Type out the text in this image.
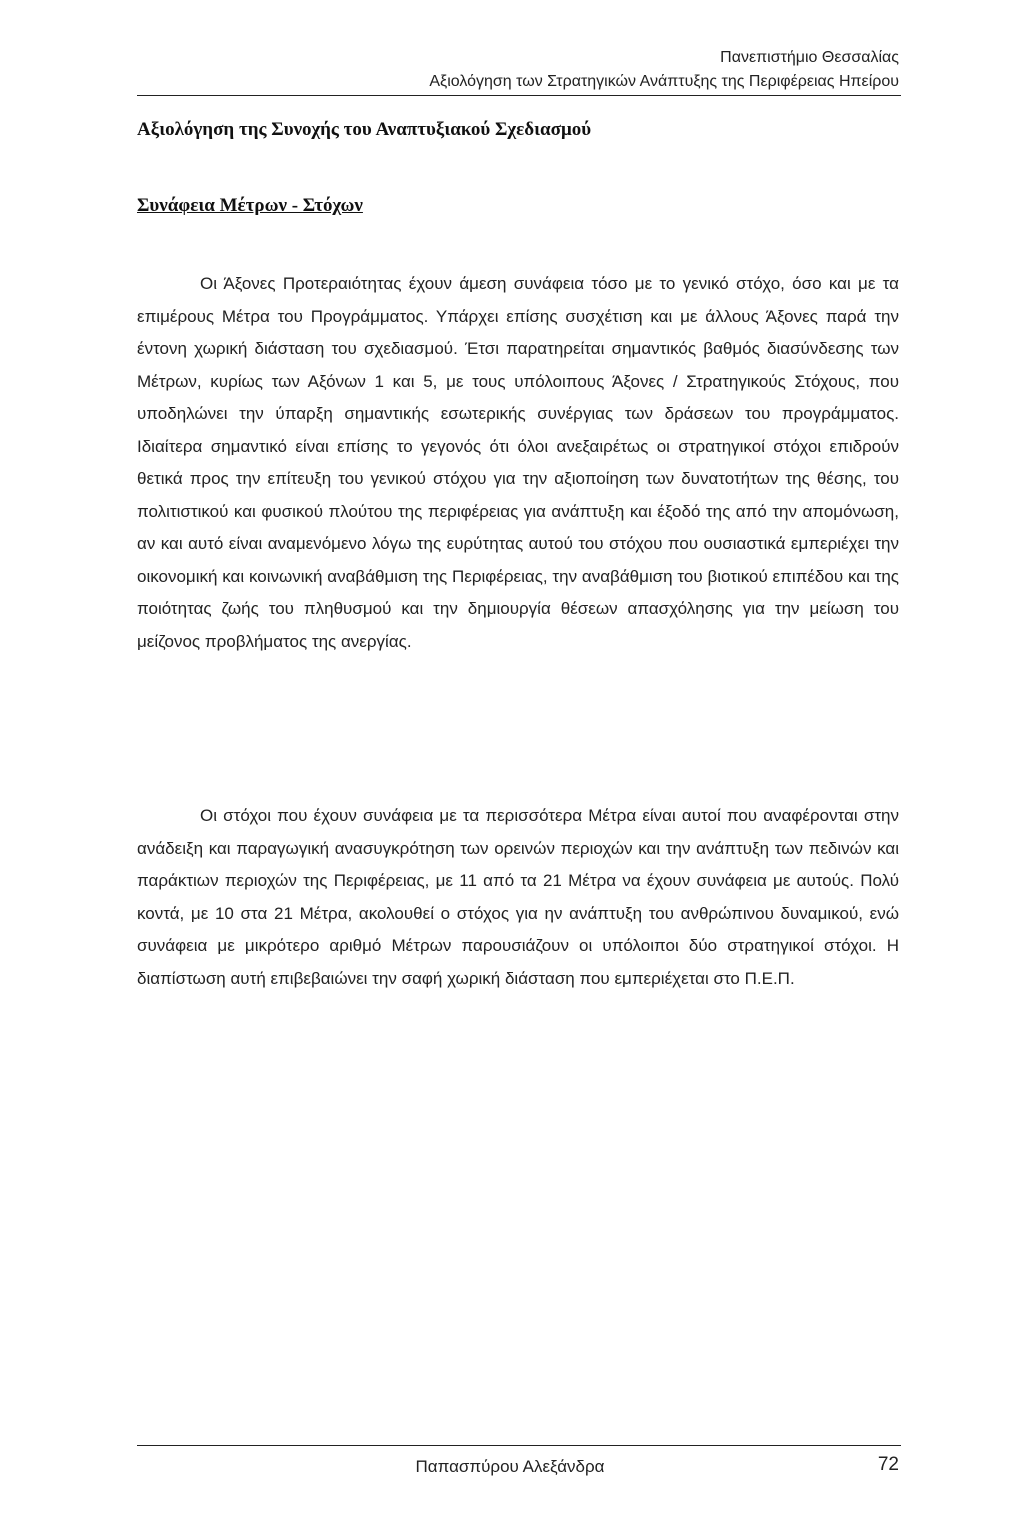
Πανεπιστήμιο Θεσσαλίας
Αξιολόγηση των Στρατηγικών Ανάπτυξης της Περιφέρειας Ηπείρου
Αξιολόγηση της Συνοχής του Αναπτυξιακού Σχεδιασμού
Συνάφεια Μέτρων - Στόχων

Οι Άξονες Προτεραιότητας έχουν άμεση συνάφεια τόσο με το γενικό στόχο, όσο και με τα επιμέρους Μέτρα του Προγράμματος. Υπάρχει επίσης συσχέτιση και με άλλους Άξονες παρά την έντονη χωρική διάσταση του σχεδιασμού. Έτσι παρατηρείται σημαντικός βαθμός διασύνδεσης των Μέτρων, κυρίως των Αξόνων 1 και 5, με τους υπόλοιπους Άξονες / Στρατηγικούς Στόχους, που υποδηλώνει την ύπαρξη σημαντικής εσωτερικής συνέργιας των δράσεων του προγράμματος. Ιδιαίτερα σημαντικό είναι επίσης το γεγονός ότι όλοι ανεξαιρέτως οι στρατηγικοί στόχοι επιδρούν θετικά προς την επίτευξη του γενικού στόχου για την αξιοποίηση των δυνατοτήτων της θέσης, του πολιτιστικού και φυσικού πλούτου της περιφέρειας για ανάπτυξη και έξοδό της από την απομόνωση, αν και αυτό είναι αναμενόμενο λόγω της ευρύτητας αυτού του στόχου που ουσιαστικά εμπεριέχει την οικονομική και κοινωνική αναβάθμιση της Περιφέρειας, την αναβάθμιση του βιοτικού επιπέδου και της ποιότητας ζωής του πληθυσμού και την δημιουργία θέσεων απασχόλησης για την μείωση του μείζονος προβλήματος της ανεργίας.

Οι στόχοι που έχουν συνάφεια με τα περισσότερα Μέτρα είναι αυτοί που αναφέρονται στην ανάδειξη και παραγωγική ανασυγκρότηση των ορεινών περιοχών και την ανάπτυξη των πεδινών και παράκτιων περιοχών της Περιφέρειας, με 11 από τα 21 Μέτρα να έχουν συνάφεια με αυτούς. Πολύ κοντά, με 10 στα 21 Μέτρα, ακολουθεί ο στόχος για ην ανάπτυξη του ανθρώπινου δυναμικού, ενώ συνάφεια με μικρότερο αριθμό Μέτρων παρουσιάζουν οι υπόλοιποι δύο στρατηγικοί στόχοι. Η διαπίστωση αυτή επιβεβαιώνει την σαφή χωρική διάσταση που εμπεριέχεται στο Π.Ε.Π.

Παπασπύρου Αλεξάνδρα	72
